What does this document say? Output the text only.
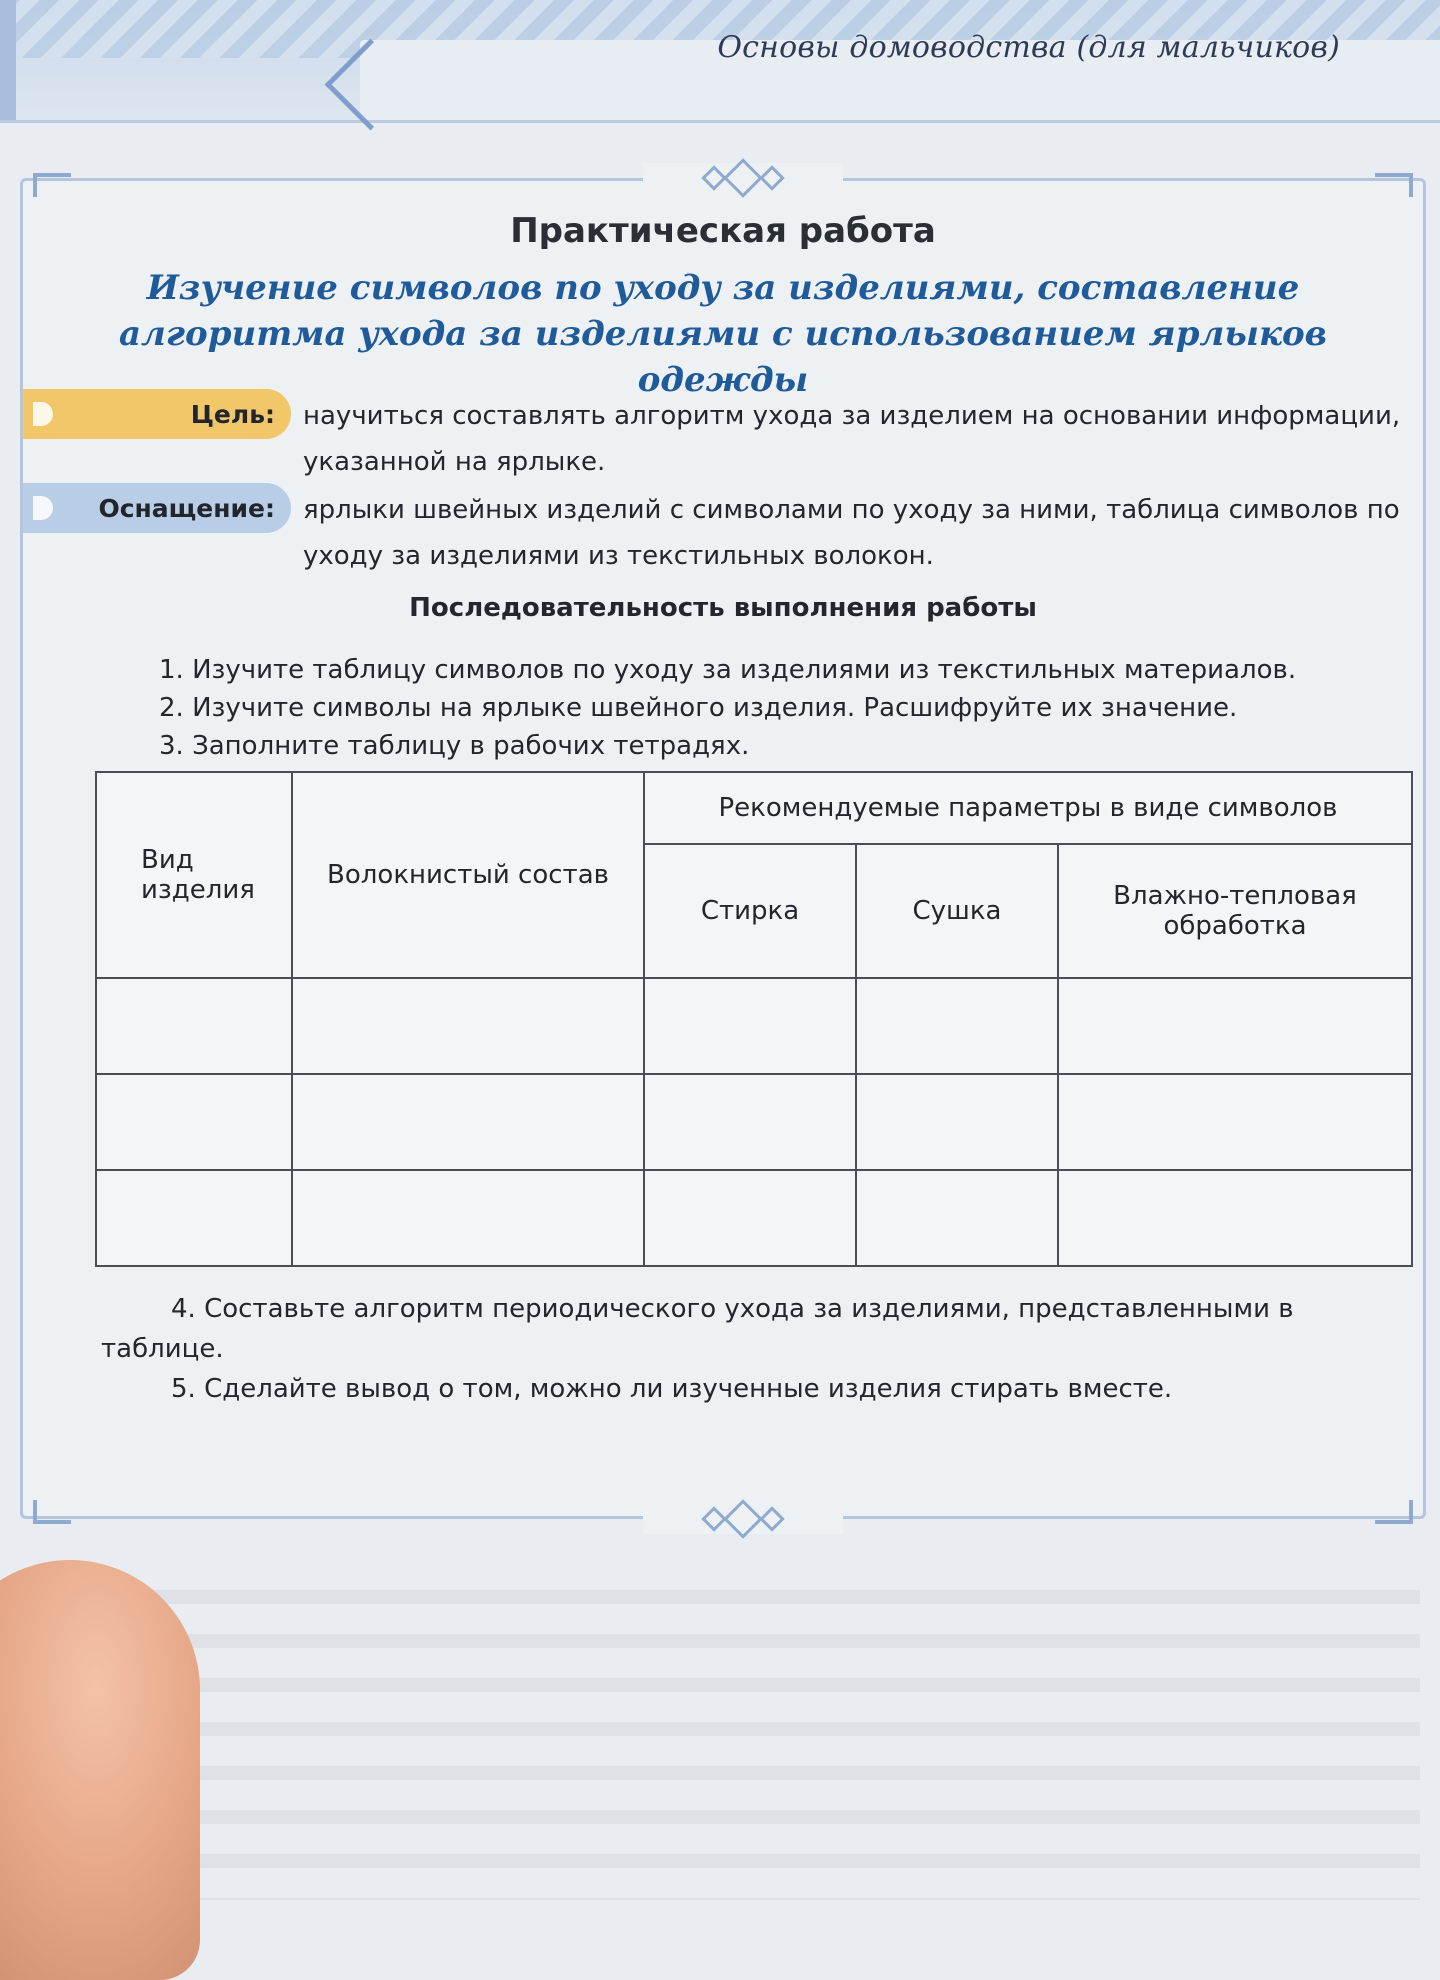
Основы домоводства (для мальчиков)
Практическая работа
Изучение символов по уходу за изделиями, составление алгоритма ухода за изделиями с использованием ярлыков одежды
Цель:	научиться составлять алгоритм ухода за изделием на основании информации, указанной на ярлыке.
Оснащение:	ярлыки швейных изделий с символами по уходу за ними, таблица символов по уходу за изделиями из текстильных волокон.
Последовательность выполнения работы
1. Изучите таблицу символов по уходу за изделиями из текстильных материалов.
2. Изучите символы на ярлыке швейного изделия. Расшифруйте их значение.
3. Заполните таблицу в рабочих тетрадях.
Вид изделия	Волокнистый состав	Рекомендуемые параметры в виде символов		
		Стирка	Сушка	Влажно-тепловая обработка

4. Составьте алгоритм периодического ухода за изделиями, представленными в
таблице.
5. Сделайте вывод о том, можно ли изученные изделия стирать вместе.
